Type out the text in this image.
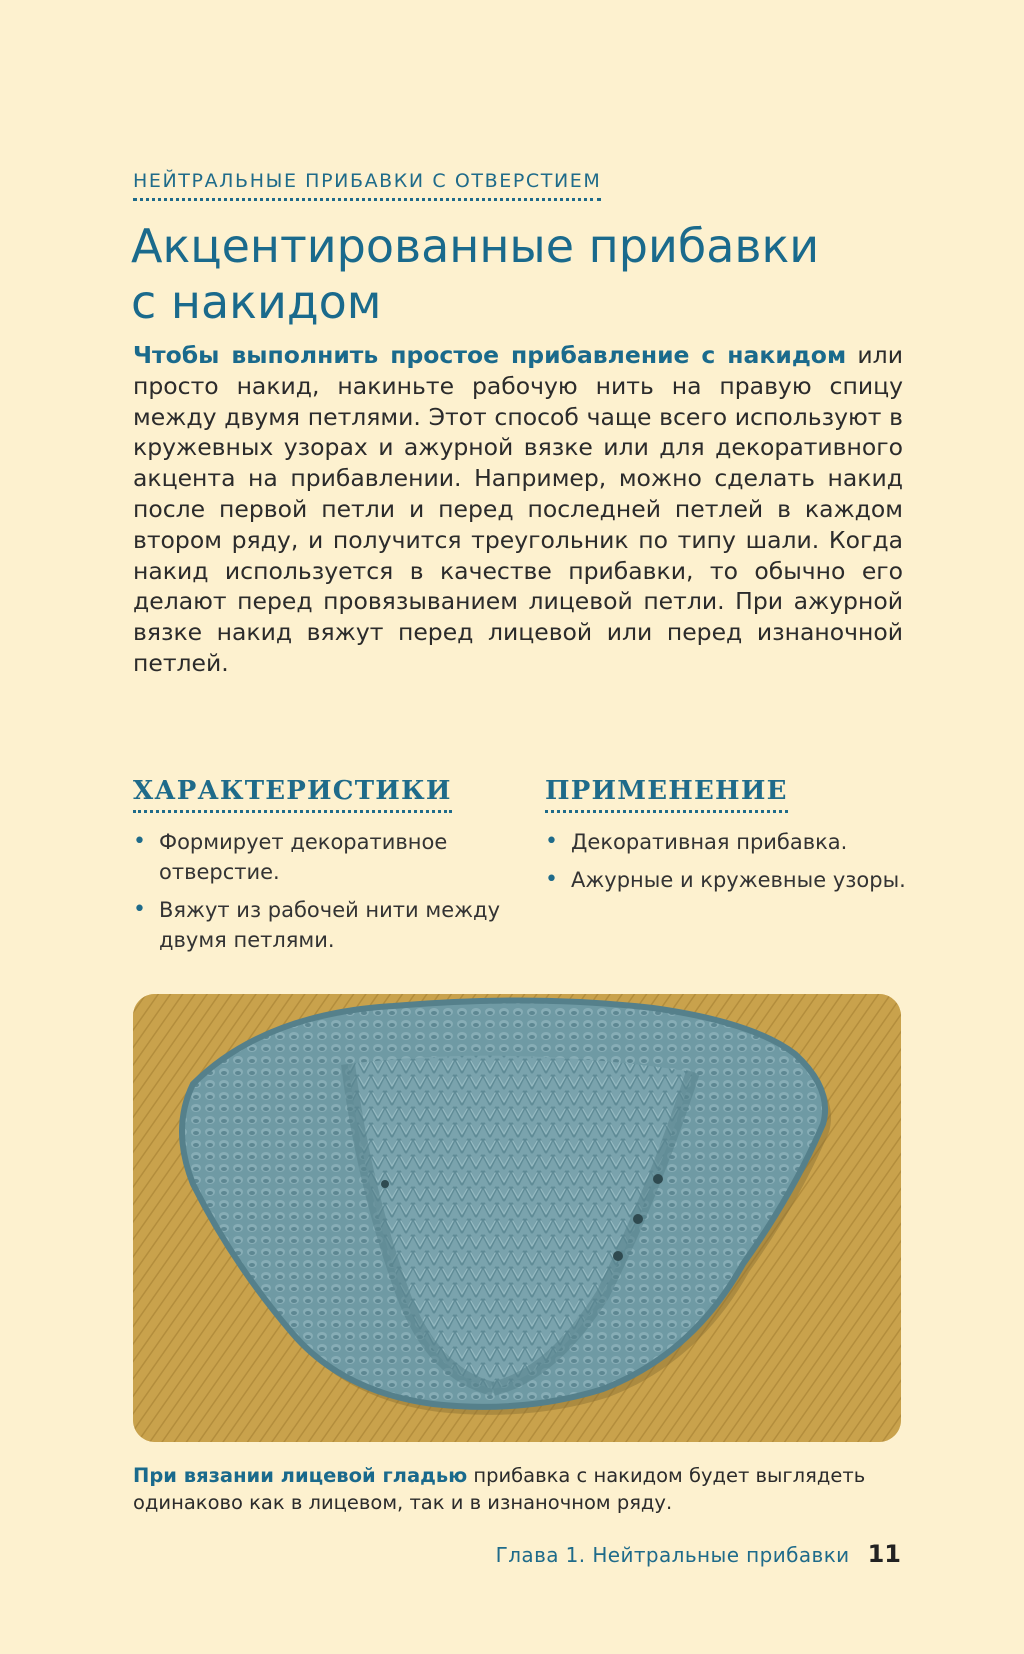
НЕЙТРАЛЬНЫЕ ПРИБАВКИ С ОТВЕРСТИЕМ
Акцентированные прибавки
с накидом

Чтобы выполнить простое прибавление с накидом или просто накид, накиньте рабочую нить на правую спицу между двумя петлями. Этот способ чаще всего используют в кружевных узорах и ажурной вязке или для декоративного акцента на прибавлении. Например, можно сделать накид после первой петли и перед последней петлей в каждом втором ряду, и получится треугольник по типу шали. Когда накид используется в качестве прибавки, то обычно его делают перед провязыванием лицевой петли. При ажурной вязке накид вяжут перед лицевой или перед изнаночной петлей.

ХАРАКТЕРИСТИКИ
• Формирует декоративное отверстие.
• Вяжут из рабочей нити между двумя петлями.
ПРИМЕНЕНИЕ
• Декоративная прибавка.
• Ажурные и кружевные узоры.

При вязании лицевой гладью прибавка с накидом будет выглядеть одинаково как в лицевом, так и в изнаночном ряду.

Глава 1. Нейтральные прибавки 11
